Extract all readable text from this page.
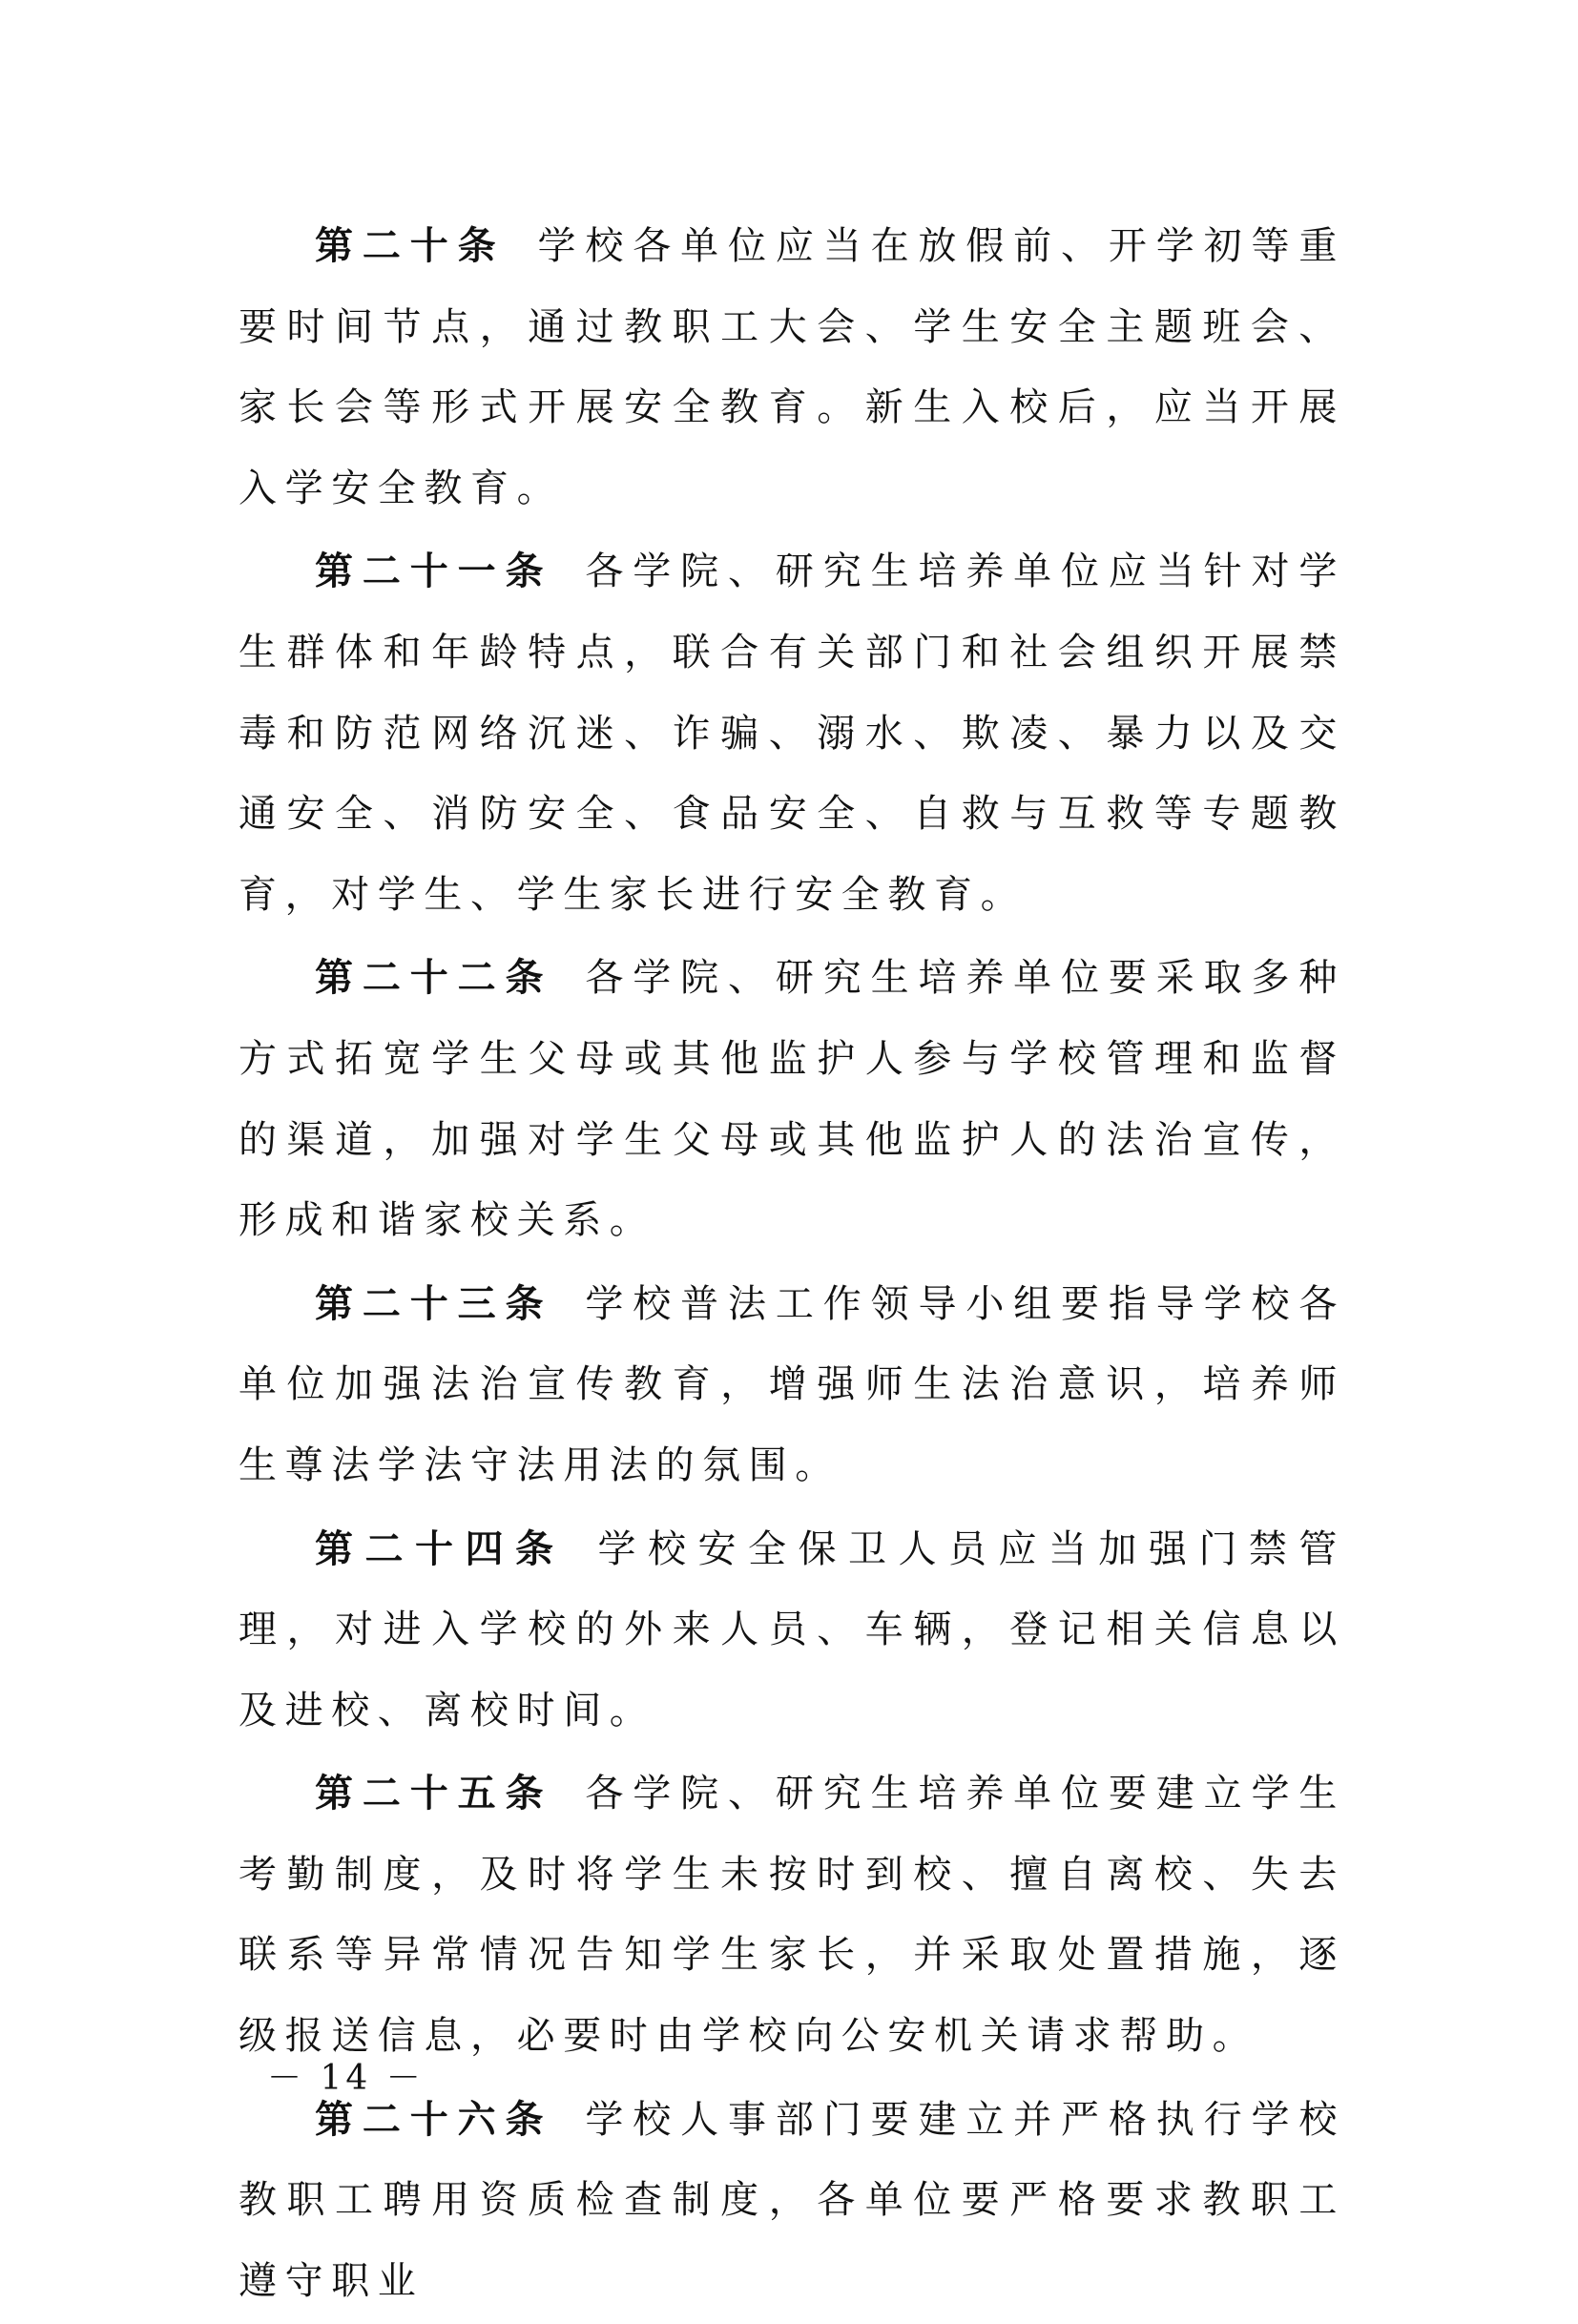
第二十条 学校各单位应当在放假前、开学初等重要时间节点，通过教职工大会、学生安全主题班会、家长会等形式开展安全教育。新生入校后，应当开展入学安全教育。

第二十一条 各学院、研究生培养单位应当针对学生群体和年龄特点，联合有关部门和社会组织开展禁毒和防范网络沉迷、诈骗、溺水、欺凌、暴力以及交通安全、消防安全、食品安全、自救与互救等专题教育，对学生、学生家长进行安全教育。

第二十二条 各学院、研究生培养单位要采取多种方式拓宽学生父母或其他监护人参与学校管理和监督的渠道，加强对学生父母或其他监护人的法治宣传，形成和谐家校关系。

第二十三条 学校普法工作领导小组要指导学校各单位加强法治宣传教育，增强师生法治意识，培养师生尊法学法守法用法的氛围。

第二十四条 学校安全保卫人员应当加强门禁管理，对进入学校的外来人员、车辆，登记相关信息以及进校、离校时间。

第二十五条 各学院、研究生培养单位要建立学生考勤制度，及时将学生未按时到校、擅自离校、失去联系等异常情况告知学生家长，并采取处置措施，逐级报送信息，必要时由学校向公安机关请求帮助。

第二十六条 学校人事部门要建立并严格执行学校教职工聘用资质检查制度，各单位要严格要求教职工遵守职业

－ 14 －
